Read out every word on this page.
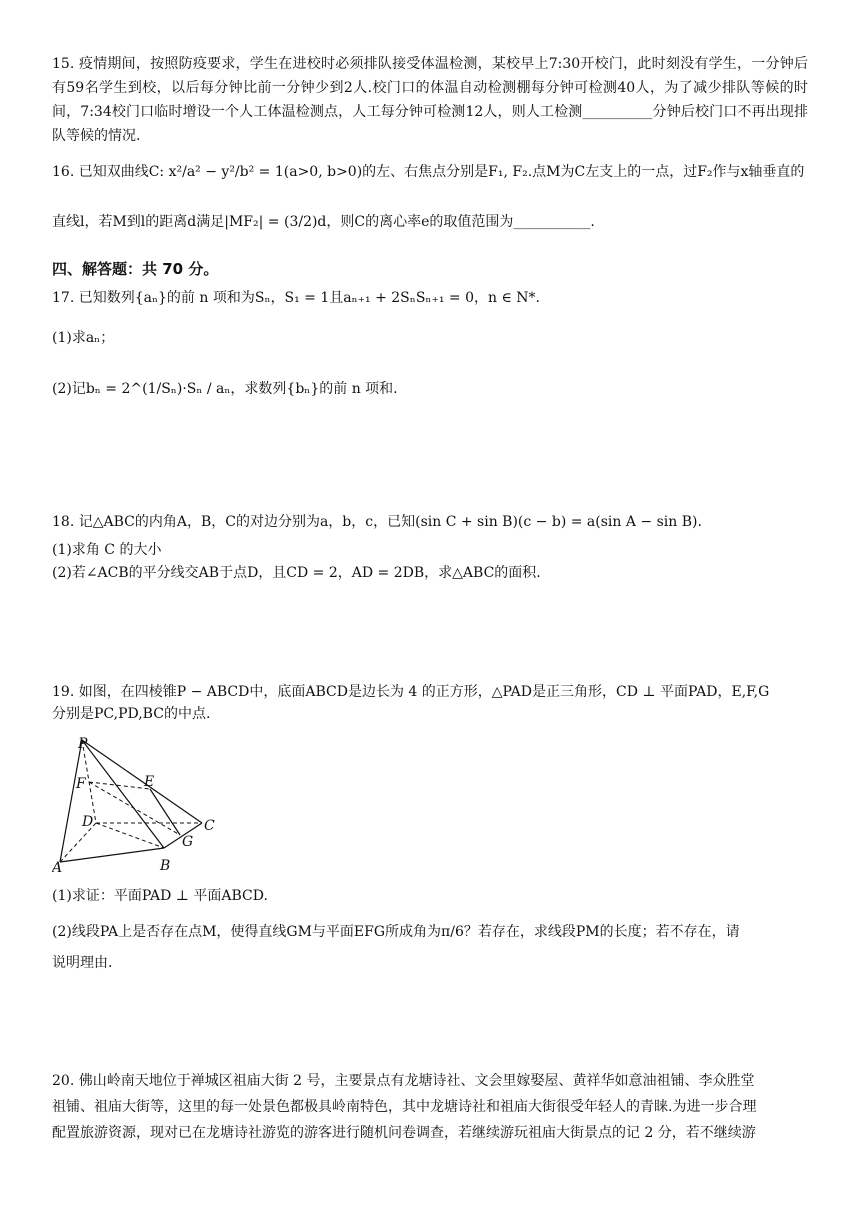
15. 疫情期间，按照防疫要求，学生在进校时必须排队接受体温检测，某校早上7:30开校门，此时刻没有学生，一分钟后有59名学生到校，以后每分钟比前一分钟少到2人.校门口的体温自动检测棚每分钟可检测40人，为了减少排队等候的时间，7:34校门口临时增设一个人工体温检测点，人工每分钟可检测12人，则人工检测__________分钟后校门口不再出现排队等候的情况.

16. 已知双曲线C: x²/a² − y²/b² = 1(a>0, b>0)的左、右焦点分别是F₁, F₂.点M为C左支上的一点，过F₂作与x轴垂直的

直线l，若M到l的距离d满足|MF₂| = (3/2)d，则C的离心率e的取值范围为___________.

四、解答题：共 70 分。

17. 已知数列{aₙ}的前 n 项和为Sₙ，S₁ = 1且aₙ₊₁ + 2SₙSₙ₊₁ = 0，n ∈ N*.

(1)求aₙ；

(2)记bₙ = 2^(1/Sₙ)·Sₙ / aₙ，求数列{bₙ}的前 n 项和.

18. 记△ABC的内角A，B，C的对边分别为a，b，c，已知(sin C + sin B)(c − b) = a(sin A − sin B).

(1)求角 C 的大小

(2)若∠ACB的平分线交AB于点D，且CD = 2，AD = 2DB，求△ABC的面积.

19. 如图，在四棱锥P − ABCD中，底面ABCD是边长为 4 的正方形，△PAD是正三角形，CD ⊥ 平面PAD，E,F,G

分别是PC,PD,BC的中点.

P
E
F
D	C
G
A	B

(1)求证：平面PAD ⊥ 平面ABCD.

(2)线段PA上是否存在点M，使得直线GM与平面EFG所成角为π/6？若存在，求线段PM的长度；若不存在，请

说明理由.

20. 佛山岭南天地位于禅城区祖庙大街 2 号，主要景点有龙塘诗社、文会里嫁娶屋、黄祥华如意油祖铺、李众胜堂

祖铺、祖庙大街等，这里的每一处景色都极具岭南特色，其中龙塘诗社和祖庙大街很受年轻人的青睐.为进一步合理

配置旅游资源，现对已在龙塘诗社游览的游客进行随机问卷调查，若继续游玩祖庙大街景点的记 2 分，若不继续游
